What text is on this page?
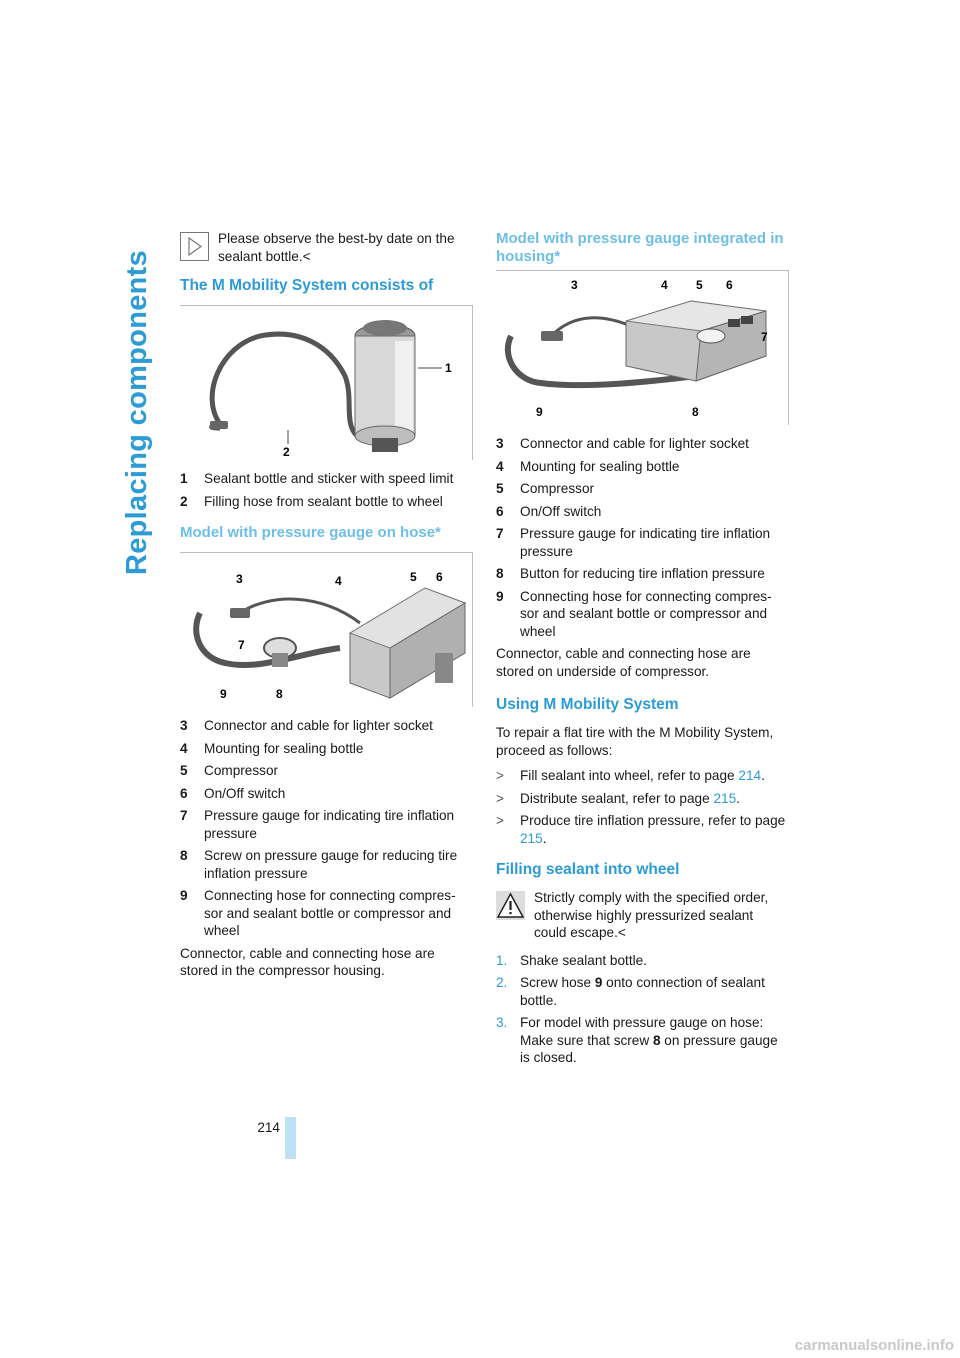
Replacing components

Please observe the best-by date on the sealant bottle.<

The M Mobility System consists of
1
2
1	Sealant bottle and sticker with speed limit
2	Filling hose from sealant bottle to wheel
Model with pressure gauge on hose*
3	4	5 6
7
9	8
3	Connector and cable for lighter socket
4	Mounting for sealing bottle
5	Compressor
6	On/Off switch
7	Pressure gauge for indicating tire inflation pressure
8	Screw on pressure gauge for reducing tire inflation pressure
9	Connecting hose for connecting compres-sor and sealant bottle or compressor and wheel

Connector, cable and connecting hose are stored in the compressor housing.

Model with pressure gauge integrated in housing*
3	4 5 6
7
9	8
3	Connector and cable for lighter socket
4	Mounting for sealing bottle
5	Compressor
6	On/Off switch
7	Pressure gauge for indicating tire inflation pressure
8	Button for reducing tire inflation pressure
9	Connecting hose for connecting compres-sor and sealant bottle or compressor and wheel

Connector, cable and connecting hose are stored on underside of compressor.

Using M Mobility System

To repair a flat tire with the M Mobility System, proceed as follows:

>	Fill sealant into wheel, refer to page 214.
>	Distribute sealant, refer to page 215.
>	Produce tire inflation pressure, refer to page 215.
Filling sealant into wheel

Strictly comply with the specified order, otherwise highly pressurized sealant could escape.<

1. Shake sealant bottle.
2. Screw hose 9 onto connection of sealant bottle.
3. For model with pressure gauge on hose: Make sure that screw 8 on pressure gauge is closed.
214
carmanualsonline.info
